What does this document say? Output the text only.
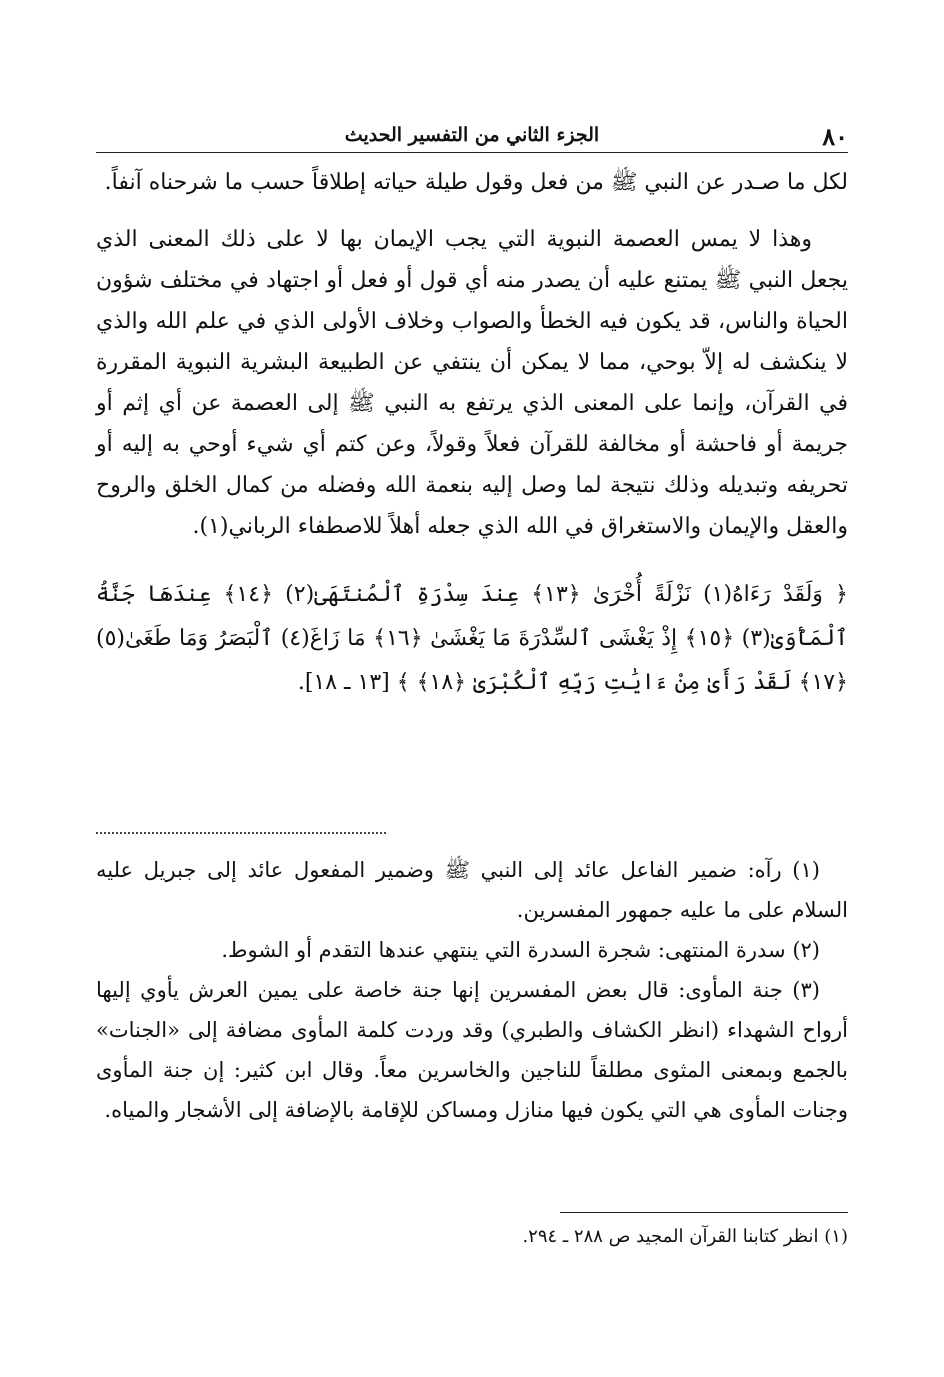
٨٠
الجزء الثاني من التفسير الحديث

لكل ما صـدر عن النبي ﷺ من فعل وقول طيلة حياته إطلاقاً حسب ما شرحناه آنفاً.

وهذا لا يمس العصمة النبوية التي يجب الإيمان بها لا على ذلك المعنى الذي يجعل النبي ﷺ يمتنع عليه أن يصدر منه أي قول أو فعل أو اجتهاد في مختلف شؤون الحياة والناس، قد يكون فيه الخطأ والصواب وخلاف الأولى الذي في علم الله والذي لا ينكشف له إلاّ بوحي، مما لا يمكن أن ينتفي عن الطبيعة البشرية النبوية المقررة في القرآن، وإنما على المعنى الذي يرتفع به النبي ﷺ إلى العصمة عن أي إثم أو جريمة أو فاحشة أو مخالفة للقرآن فعلاً وقولاً، وعن كتم أي شيء أوحي به إليه أو تحريفه وتبديله وذلك نتيجة لما وصل إليه بنعمة الله وفضله من كمال الخلق والروح والعقل والإيمان والاستغراق في الله الذي جعله أهلاً للاصطفاء الرباني(١).

﴿ وَلَقَدْ رَءَاهُ(١) نَزْلَةً أُخْرَىٰ ﴿١٣﴾ عِندَ سِدْرَةِ ٱلْمُنتَهَىٰ(٢) ﴿١٤﴾ عِندَهَا جَنَّةُ ٱلْمَأْوَىٰ(٣) ﴿١٥﴾ إِذْ يَغْشَى ٱلسِّدْرَةَ مَا يَغْشَىٰ ﴿١٦﴾ مَا زَاغَ(٤) ٱلْبَصَرُ وَمَا طَغَىٰ(٥) ﴿١٧﴾ لَقَدْ رَأَىٰ مِنْ ءَايَٰتِ رَبِّهِ ٱلْكُبْرَىٰ ﴿١٨﴾ ﴾ [١٣ ـ ١٨].

(١) رآه: ضمير الفاعل عائد إلى النبي ﷺ وضمير المفعول عائد إلى جبريل عليه السلام على ما عليه جمهور المفسرين.

(٢) سدرة المنتهى: شجرة السدرة التي ينتهي عندها التقدم أو الشوط.

(٣) جنة المأوى: قال بعض المفسرين إنها جنة خاصة على يمين العرش يأوي إليها أرواح الشهداء (انظر الكشاف والطبري) وقد وردت كلمة المأوى مضافة إلى «الجنات» بالجمع وبمعنى المثوى مطلقاً للناجين والخاسرين معاً. وقال ابن كثير: إن جنة المأوى وجنات المأوى هي التي يكون فيها منازل ومساكن للإقامة بالإضافة إلى الأشجار والمياه.

(١) انظر كتابنا القرآن المجيد ص ٢٨٨ ـ ٢٩٤.
